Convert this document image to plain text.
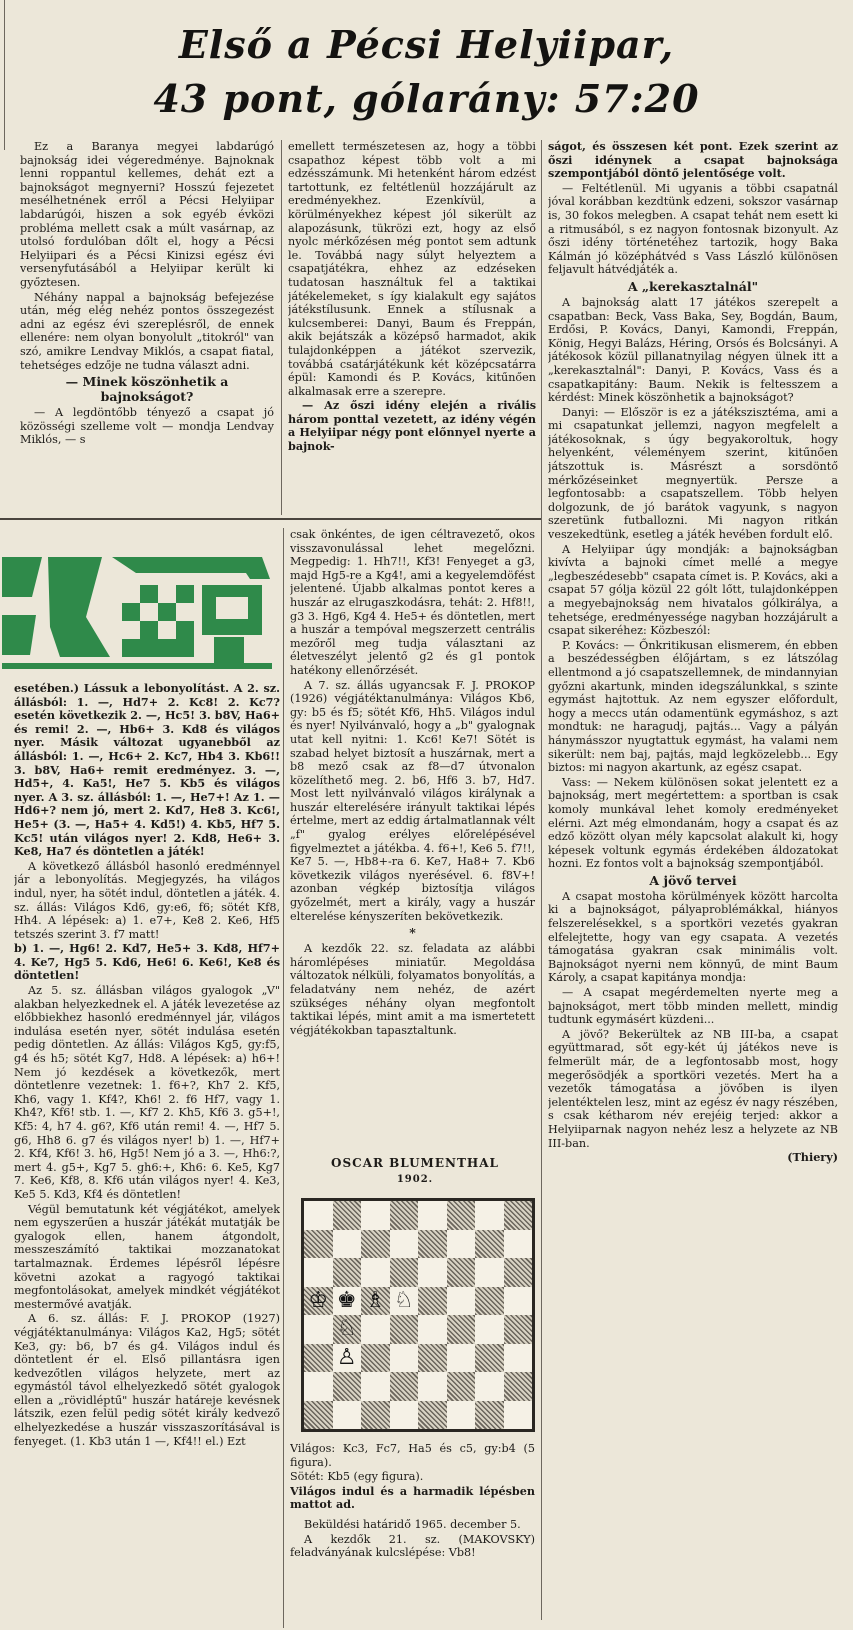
Első a Pécsi Helyiipar,
43 pont, gólarány: 57:20

Ez a Baranya megyei labdarúgó bajnokság idei végeredménye. Bajnoknak lenni roppantul kellemes, dehát ezt a bajnokságot megnyerni? Hosszú fejezetet mesélhetnének erről a Pécsi Helyiipar labdarúgói, hiszen a sok egyéb évközi probléma mellett csak a múlt vasárnap, az utolsó fordulóban dőlt el, hogy a Pécsi Helyiipari és a Pécsi Kinizsi egész évi versenyfutásából a Helyiipar került ki győztesen.

Néhány nappal a bajnokság befejezése után, még elég nehéz pontos összegezést adni az egész évi szereplésről, de ennek ellenére: nem olyan bonyolult „titokról" van szó, amikre Lendvay Miklós, a csapat fiatal, tehetséges edzője ne tudna választ adni.

— Minek köszönhetik a bajnokságot?

— A legdöntőbb tényező a csapat jó közösségi szelleme volt — mondja Lendvay Miklós, — s

emellett természetesen az, hogy a többi csapathoz képest több volt a mi edzésszámunk. Mi hetenként három edzést tartottunk, ez feltétlenül hozzájárult az eredményekhez. Ezenkívül, a körülményekhez képest jól sikerült az alapozásunk, tükrözi ezt, hogy az első nyolc mérkőzésen még pontot sem adtunk le. Továbbá nagy súlyt helyeztem a csapatjátékra, ehhez az edzéseken tudatosan használtuk fel a taktikai játékelemeket, s így kialakult egy sajátos játékstílusunk. Ennek a stílusnak a kulcsemberei: Danyi, Baum és Freppán, akik bejátszák a középső harmadot, akik tulajdonképpen a játékot szervezik, továbbá csatárjátékunk két középcsatárra épül: Kamondi és P. Kovács, kitűnően alkalmasak erre a szerepre.

— Az őszi idény elején a rivális három ponttal vezetett, az idény végén a Helyiipar négy pont előnnyel nyerte a bajnok-

ságot, és összesen két pont. Ezek szerint az őszi idénynek a csapat bajnoksága szempontjából döntő jelentősége volt.

— Feltétlenül. Mi ugyanis a többi csapatnál jóval korábban kezdtünk edzeni, sokszor vasárnap is, 30 fokos melegben. A csapat tehát nem esett ki a ritmusából, s ez nagyon fontosnak bizonyult. Az őszi idény történetéhez tartozik, hogy Baka Kálmán jó középhátvéd s Vass László különösen feljavult hátvédjáték a.

A „kerekasztalnál"

A bajnokság alatt 17 játékos szerepelt a csapatban: Beck, Vass Baka, Sey, Bogdán, Baum, Erdősi, P. Kovács, Danyi, Kamondi, Freppán, König, Hegyi Balázs, Héring, Orsós és Bolcsányi. A játékosok közül pillanatnyilag négyen ülnek itt a „kerekasztalnál": Danyi, P. Kovács, Vass és a csapatkapitány: Baum. Nekik is feltesszem a kérdést: Minek köszönhetik a bajnokságot?

Danyi: — Először is ez a játékszisztéma, ami a mi csapatunkat jellemzi, nagyon megfelelt a játékosoknak, s úgy begyakoroltuk, hogy helyenként, véleményem szerint, kitűnően játszottuk is. Másrészt a sorsdöntő mérkőzéseinket megnyertük. Persze a legfontosabb: a csapatszellem. Több helyen dolgozunk, de jó barátok vagyunk, s nagyon szeretünk futballozni. Mi nagyon ritkán veszekedtünk, esetleg a játék hevében fordult elő.

A Helyiipar úgy mondják: a bajnokságban kivívta a bajnoki címet mellé a megye „legbeszédesebb" csapata címet is. P. Kovács, aki a csapat 57 gólja közül 22 gólt lőtt, tulajdonképpen a megyebajnokság nem hivatalos gólkirálya, a tehetsége, eredményessége nagyban hozzájárult a csapat sikeréhez: Közbeszól:

P. Kovács: — Őnkritikusan elismerem, én ebben a beszédességben élőjártam, s ez látszólag ellentmond a jó csapatszellemnek, de mindannyian győzni akartunk, minden idegszálunkkal, s szinte egymást hajtottuk. Az nem egyszer előfordult, hogy a meccs után odamentünk egymáshoz, s azt mondtuk: ne haragudj, pajtás... Vagy a pályán hánymásszor nyugtattuk egymást, ha valami nem sikerült: nem baj, pajtás, majd legközelebb... Egy biztos: mi nagyon akartunk, az egész csapat.

Vass: — Nekem különösen sokat jelentett ez a bajnokság, mert megértettem: a sportban is csak komoly munkával lehet komoly eredményeket elérni. Azt még elmondanám, hogy a csapat és az edző között olyan mély kapcsolat alakult ki, hogy képesek voltunk egymás érdekében áldozatokat hozni. Ez fontos volt a bajnokság szempontjából.

A jövő tervei

A csapat mostoha körülmények között harcolta ki a bajnokságot, pályaproblémákkal, hiányos felszerelésekkel, s a sportköri vezetés gyakran elfelejtette, hogy van egy csapata. A vezetés támogatása gyakran csak minimális volt. Bajnokságot nyerni nem könnyű, de mint Baum Károly, a csapat kapitánya mondja:

— A csapat megérdemelten nyerte meg a bajnokságot, mert több minden mellett, mindig tudtunk egymásért küzdeni...

A jövő? Bekerültek az NB III-ba, a csapat együttmarad, sőt egy-két új játékos neve is felmerült már, de a legfontosabb most, hogy megerősödjék a sportköri vezetés. Mert ha a vezetők támogatása a jövőben is ilyen jelentéktelen lesz, mint az egész év nagy részében, s csak kétharom név erejéig terjed: akkor a Helyiiparnak nagyon nehéz lesz a helyzete az NB III-ban.

(Thiery)

esetében.) Lássuk a lebonyolítást. A 2. sz. állásból: 1. —, Hd7+ 2. Kc8! 2. Kc7? esetén következik 2. —, Hc5! 3. b8V, Ha6+ és remi! 2. —, Hb6+ 3. Kd8 és világos nyer. Másik változat ugyanebből az állásból: 1. —, Hc6+ 2. Kc7, Hb4 3. Kb6!! 3. b8V, Ha6+ remit eredményez. 3. —, Hd5+, 4. Ka5!, He7 5. Kb5 és világos nyer. A 3. sz. állásból: 1. —, He7+! Az 1. — Hd6+? nem jó, mert 2. Kd7, He8 3. Kc6!, He5+ (3. —, Ha5+ 4. Kd5!) 4. Kb5, Hf7 5. Kc5! után világos nyer! 2. Kd8, He6+ 3. Ke8, Ha7 és döntetlen a játék!

A következő állásból hasonló eredménnyel jár a lebonyolítás. Megjegyzés, ha világos indul, nyer, ha sötét indul, döntetlen a játék. 4. sz. állás: Világos Kd6, gy:e6, f6; sötét Kf8, Hh4. A lépések: a) 1. e7+, Ke8 2. Ke6, Hf5 tetszés szerint 3. f7 matt!

b) 1. —, Hg6! 2. Kd7, He5+ 3. Kd8, Hf7+ 4. Ke7, Hg5 5. Kd6, He6! 6. Ke6!, Ke8 és döntetlen!

Az 5. sz. állásban világos gyalogok „V" alakban helyezkednek el. A játék levezetése az előbbiekhez hasonló eredménnyel jár, világos indulása esetén nyer, sötét indulása esetén pedig döntetlen. Az állás: Világos Kg5, gy:f5, g4 és h5; sötét Kg7, Hd8. A lépések: a) h6+! Nem jó kezdések a következők, mert döntetlenre vezetnek: 1. f6+?, Kh7 2. Kf5, Kh6, vagy 1. Kf4?, Kh6! 2. f6 Hf7, vagy 1. Kh4?, Kf6! stb. 1. —, Kf7 2. Kh5, Kf6 3. g5+!, Kf5: 4, h7 4. g6?, Kf6 után remi! 4. —, Hf7 5. g6, Hh8 6. g7 és világos nyer! b) 1. —, Hf7+ 2. Kf4, Kf6! 3. h6, Hg5! Nem jó a 3. —, Hh6:?, mert 4. g5+, Kg7 5. gh6:+, Kh6: 6. Ke5, Kg7 7. Ke6, Kf8, 8. Kf6 után világos nyer! 4. Ke3, Ke5 5. Kd3, Kf4 és döntetlen!

Végül bemutatunk két végjátékot, amelyek nem egyszerűen a huszár játékát mutatják be gyalogok ellen, hanem átgondolt, messzeszámító taktikai mozzanatokat tartalmaznak. Érdemes lépésről lépésre követni azokat a ragyogó taktikai megfontolásokat, amelyek mindkét végjátékot mestermővé avatják.

A 6. sz. állás: F. J. PROKOP (1927) végjátéktanulmánya: Világos Ka2, Hg5; sötét Ke3, gy: b6, b7 és g4. Világos indul és döntetlent ér el. Első pillantásra igen kedvezőtlen világos helyzete, mert az egymástól távol elhelyezkedő sötét gyalogok ellen a „rövidléptű" huszár határeje kevésnek látszik, ezen felül pedig sötét király kedvező elhelyezkedése a huszár visszaszorításával is fenyeget. (1. Kb3 után 1 —, Kf4!! el.) Ezt

csak önkéntes, de igen céltravezető, okos visszavonulással lehet megelőzni. Megpedig: 1. Hh7!!, Kf3! Fenyeget a g3, majd Hg5-re a Kg4!, ami a kegyelemdöfést jelentené. Újabb alkalmas pontot keres a huszár az elrugaszkodásra, tehát: 2. Hf8!!, g3 3. Hg6, Kg4 4. He5+ és döntetlen, mert a huszár a tempóval megszerzett centrális mezőről meg tudja választani az életveszélyt jelentő g2 és g1 pontok hatékony ellenőrzését.

A 7. sz. állás ugyancsak F. J. PROKOP (1926) végjátéktanulmánya: Világos Kb6, gy: b5 és f5; sötét Kf6, Hh5. Világos indul és nyer! Nyilvánvaló, hogy a „b" gyalognak utat kell nyitni: 1. Kc6! Ke7! Sötét is szabad helyet biztosít a huszárnak, mert a b8 mező csak az f8—d7 útvonalon közelíthető meg. 2. b6, Hf6 3. b7, Hd7. Most lett nyilvánvaló világos királynak a huszár elterelésére irányult taktikai lépés értelme, mert az eddig ártalmatlannak vélt „f" gyalog erélyes előrelépésével figyelmeztet a játékba. 4. f6+!, Ke6 5. f7!!, Ke7 5. —, Hb8+-ra 6. Ke7, Ha8+ 7. Kb6 következik világos nyerésével. 6. f8V+! azonban végkép biztosítja világos győzelmét, mert a király, vagy a huszár elterelése kényszeríten bekövetkezik.

*

A kezdők 22. sz. feladata az alábbi háromlépéses miniatűr. Megoldása változatok nélküli, folyamatos bonyolítás, a feladatvány nem nehéz, de azért szükséges néhány olyan megfontolt taktikai lépés, mint amit a ma ismertetett végjátékokban tapasztaltunk.

OSCAR BLUMENTHAL
1902.
♔ ♚ ♗
♘
♙
♘

Világos: Kc3, Fc7, Ha5 és c5, gy:b4 (5 figura).

Sötét: Kb5 (egy figura).

Világos indul és a harmadik lépésben mattot ad.

Beküldési határidő 1965. december 5.

A kezdők 21. sz. (MAKOVSKY) feladványának kulcslépése: Vb8!
